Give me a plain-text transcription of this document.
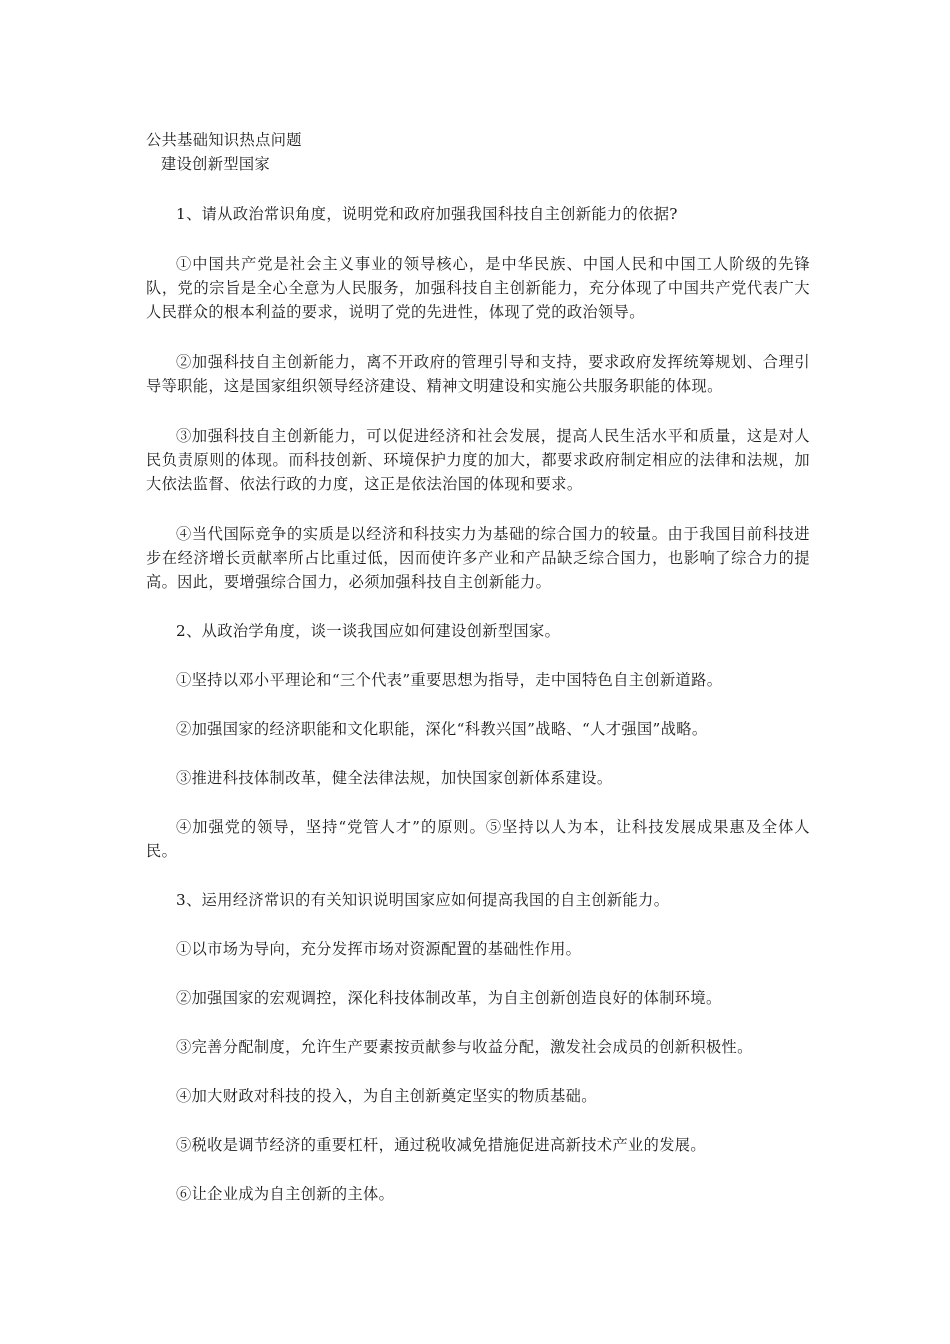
公共基础知识热点问题

建设创新型国家

1、请从政治常识角度，说明党和政府加强我国科技自主创新能力的依据?

①中国共产党是社会主义事业的领导核心，是中华民族、中国人民和中国工人阶级的先锋队，党的宗旨是全心全意为人民服务，加强科技自主创新能力，充分体现了中国共产党代表广大人民群众的根本利益的要求，说明了党的先进性，体现了党的政治领导。

②加强科技自主创新能力，离不开政府的管理引导和支持，要求政府发挥统筹规划、合理引导等职能，这是国家组织领导经济建设、精神文明建设和实施公共服务职能的体现。

③加强科技自主创新能力，可以促进经济和社会发展，提高人民生活水平和质量，这是对人民负责原则的体现。而科技创新、环境保护力度的加大，都要求政府制定相应的法律和法规，加大依法监督、依法行政的力度，这正是依法治国的体现和要求。

④当代国际竞争的实质是以经济和科技实力为基础的综合国力的较量。由于我国目前科技进步在经济增长贡献率所占比重过低，因而使许多产业和产品缺乏综合国力，也影响了综合力的提高。因此，要增强综合国力，必须加强科技自主创新能力。

2、从政治学角度，谈一谈我国应如何建设创新型国家。

①坚持以邓小平理论和“三个代表”重要思想为指导，走中国特色自主创新道路。

②加强国家的经济职能和文化职能，深化“科教兴国”战略、“人才强国”战略。

③推进科技体制改革，健全法律法规，加快国家创新体系建设。

④加强党的领导，坚持“党管人才”的原则。⑤坚持以人为本，让科技发展成果惠及全体人民。

3、运用经济常识的有关知识说明国家应如何提高我国的自主创新能力。

①以市场为导向，充分发挥市场对资源配置的基础性作用。

②加强国家的宏观调控，深化科技体制改革，为自主创新创造良好的体制环境。

③完善分配制度，允许生产要素按贡献参与收益分配，激发社会成员的创新积极性。

④加大财政对科技的投入，为自主创新奠定坚实的物质基础。

⑤税收是调节经济的重要杠杆，通过税收减免措施促进高新技术产业的发展。

⑥让企业成为自主创新的主体。
